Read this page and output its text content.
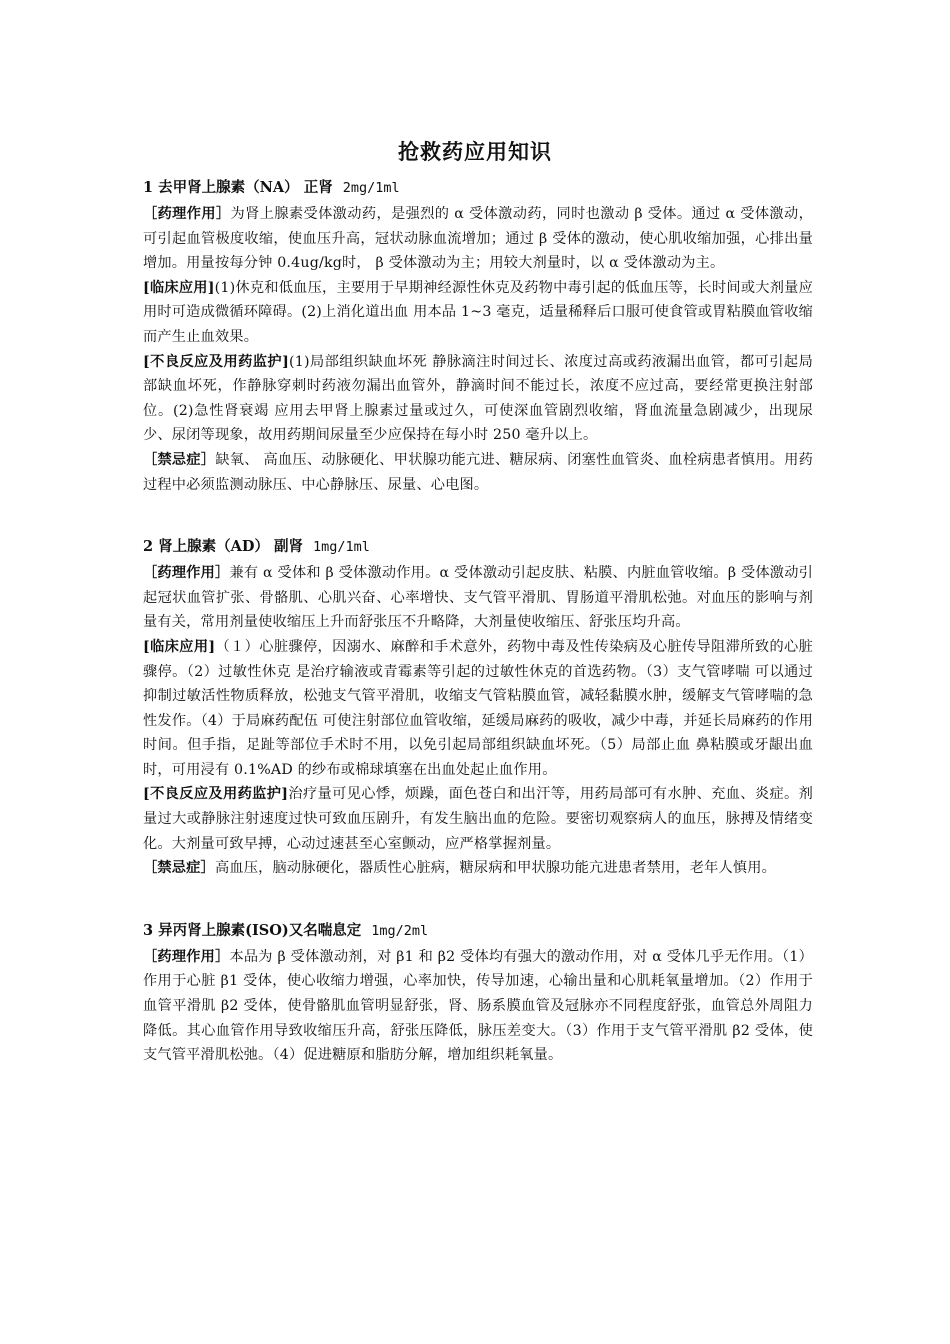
抢救药应用知识
1 去甲肾上腺素（NA） 正肾 2mg/1ml

［药理作用］为肾上腺素受体激动药，是强烈的 α 受体激动药，同时也激动 β 受体。通过 α 受体激动，可引起血管极度收缩，使血压升高，冠状动脉血流增加；通过 β 受体的激动，使心肌收缩加强，心排出量增加。用量按每分钟 0.4ug/kg时， β 受体激动为主；用较大剂量时，以 α 受体激动为主。

[临床应用](1)休克和低血压，主要用于早期神经源性休克及药物中毒引起的低血压等，长时间或大剂量应用时可造成微循环障碍。(2)上消化道出血 用本品 1~3 毫克，适量稀释后口服可使食管或胃粘膜血管收缩而产生止血效果。

[不良反应及用药监护](1)局部组织缺血坏死 静脉滴注时间过长、浓度过高或药液漏出血管，都可引起局部缺血坏死，作静脉穿刺时药液勿漏出血管外，静滴时间不能过长，浓度不应过高，要经常更换注射部位。(2)急性肾衰竭 应用去甲肾上腺素过量或过久，可使深血管剧烈收缩，肾血流量急剧减少，出现尿少、尿闭等现象，故用药期间尿量至少应保持在每小时 250 毫升以上。

［禁忌症］缺氧、 高血压、动脉硬化、甲状腺功能亢进、糖尿病、闭塞性血管炎、血栓病患者慎用。用药过程中必须监测动脉压、中心静脉压、尿量、心电图。

2 肾上腺素（AD） 副肾 1mg/1ml

［药理作用］兼有 α 受体和 β 受体激动作用。α 受体激动引起皮肤、粘膜、内脏血管收缩。β 受体激动引起冠状血管扩张、骨骼肌、心肌兴奋、心率增快、支气管平滑肌、胃肠道平滑肌松弛。对血压的影响与剂量有关，常用剂量使收缩压上升而舒张压不升略降，大剂量使收缩压、舒张压均升高。

[临床应用]（１）心脏骤停，因溺水、麻醉和手术意外，药物中毒及性传染病及心脏传导阻滞所致的心脏骤停。（2）过敏性休克 是治疗输液或青霉素等引起的过敏性休克的首选药物。（3）支气管哮喘 可以通过抑制过敏活性物质释放，松弛支气管平滑肌，收缩支气管粘膜血管，减轻黏膜水肿，缓解支气管哮喘的急性发作。（4）于局麻药配伍 可使注射部位血管收缩，延缓局麻药的吸收，减少中毒，并延长局麻药的作用时间。但手指，足趾等部位手术时不用，以免引起局部组织缺血坏死。（5）局部止血 鼻粘膜或牙龈出血时，可用浸有 0.1%AD 的纱布或棉球填塞在出血处起止血作用。

[不良反应及用药监护]治疗量可见心悸，烦躁，面色苍白和出汗等，用药局部可有水肿、充血、炎症。剂量过大或静脉注射速度过快可致血压剧升，有发生脑出血的危险。要密切观察病人的血压，脉搏及情绪变化。大剂量可致早搏，心动过速甚至心室颤动，应严格掌握剂量。

［禁忌症］高血压，脑动脉硬化，器质性心脏病，糖尿病和甲状腺功能亢进患者禁用，老年人慎用。

3 异丙肾上腺素(ISO)又名喘息定 1mg/2ml

［药理作用］本品为 β 受体激动剂，对 β1 和 β2 受体均有强大的激动作用，对 α 受体几乎无作用。（1）作用于心脏 β1 受体，使心收缩力增强，心率加快，传导加速，心输出量和心肌耗氧量增加。（2）作用于血管平滑肌 β2 受体，使骨骼肌血管明显舒张，肾、肠系膜血管及冠脉亦不同程度舒张，血管总外周阻力降低。其心血管作用导致收缩压升高，舒张压降低，脉压差变大。（3）作用于支气管平滑肌 β2 受体，使支气管平滑肌松弛。（4）促进糖原和脂肪分解，增加组织耗氧量。
